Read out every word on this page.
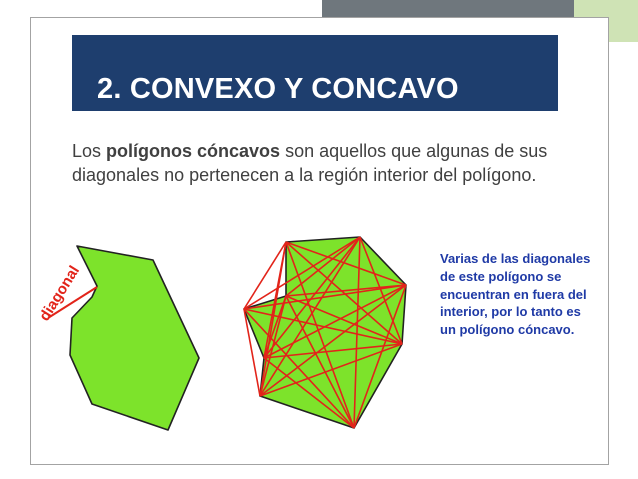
2. CONVEXO Y CONCAVO

Los polígonos cóncavos son aquellos que algunas de sus diagonales no pertenecen a la región interior del polígono.

diagonal

Varias de las diagonales de este polígono se encuentran en fuera del interior, por lo tanto es un polígono cóncavo.
